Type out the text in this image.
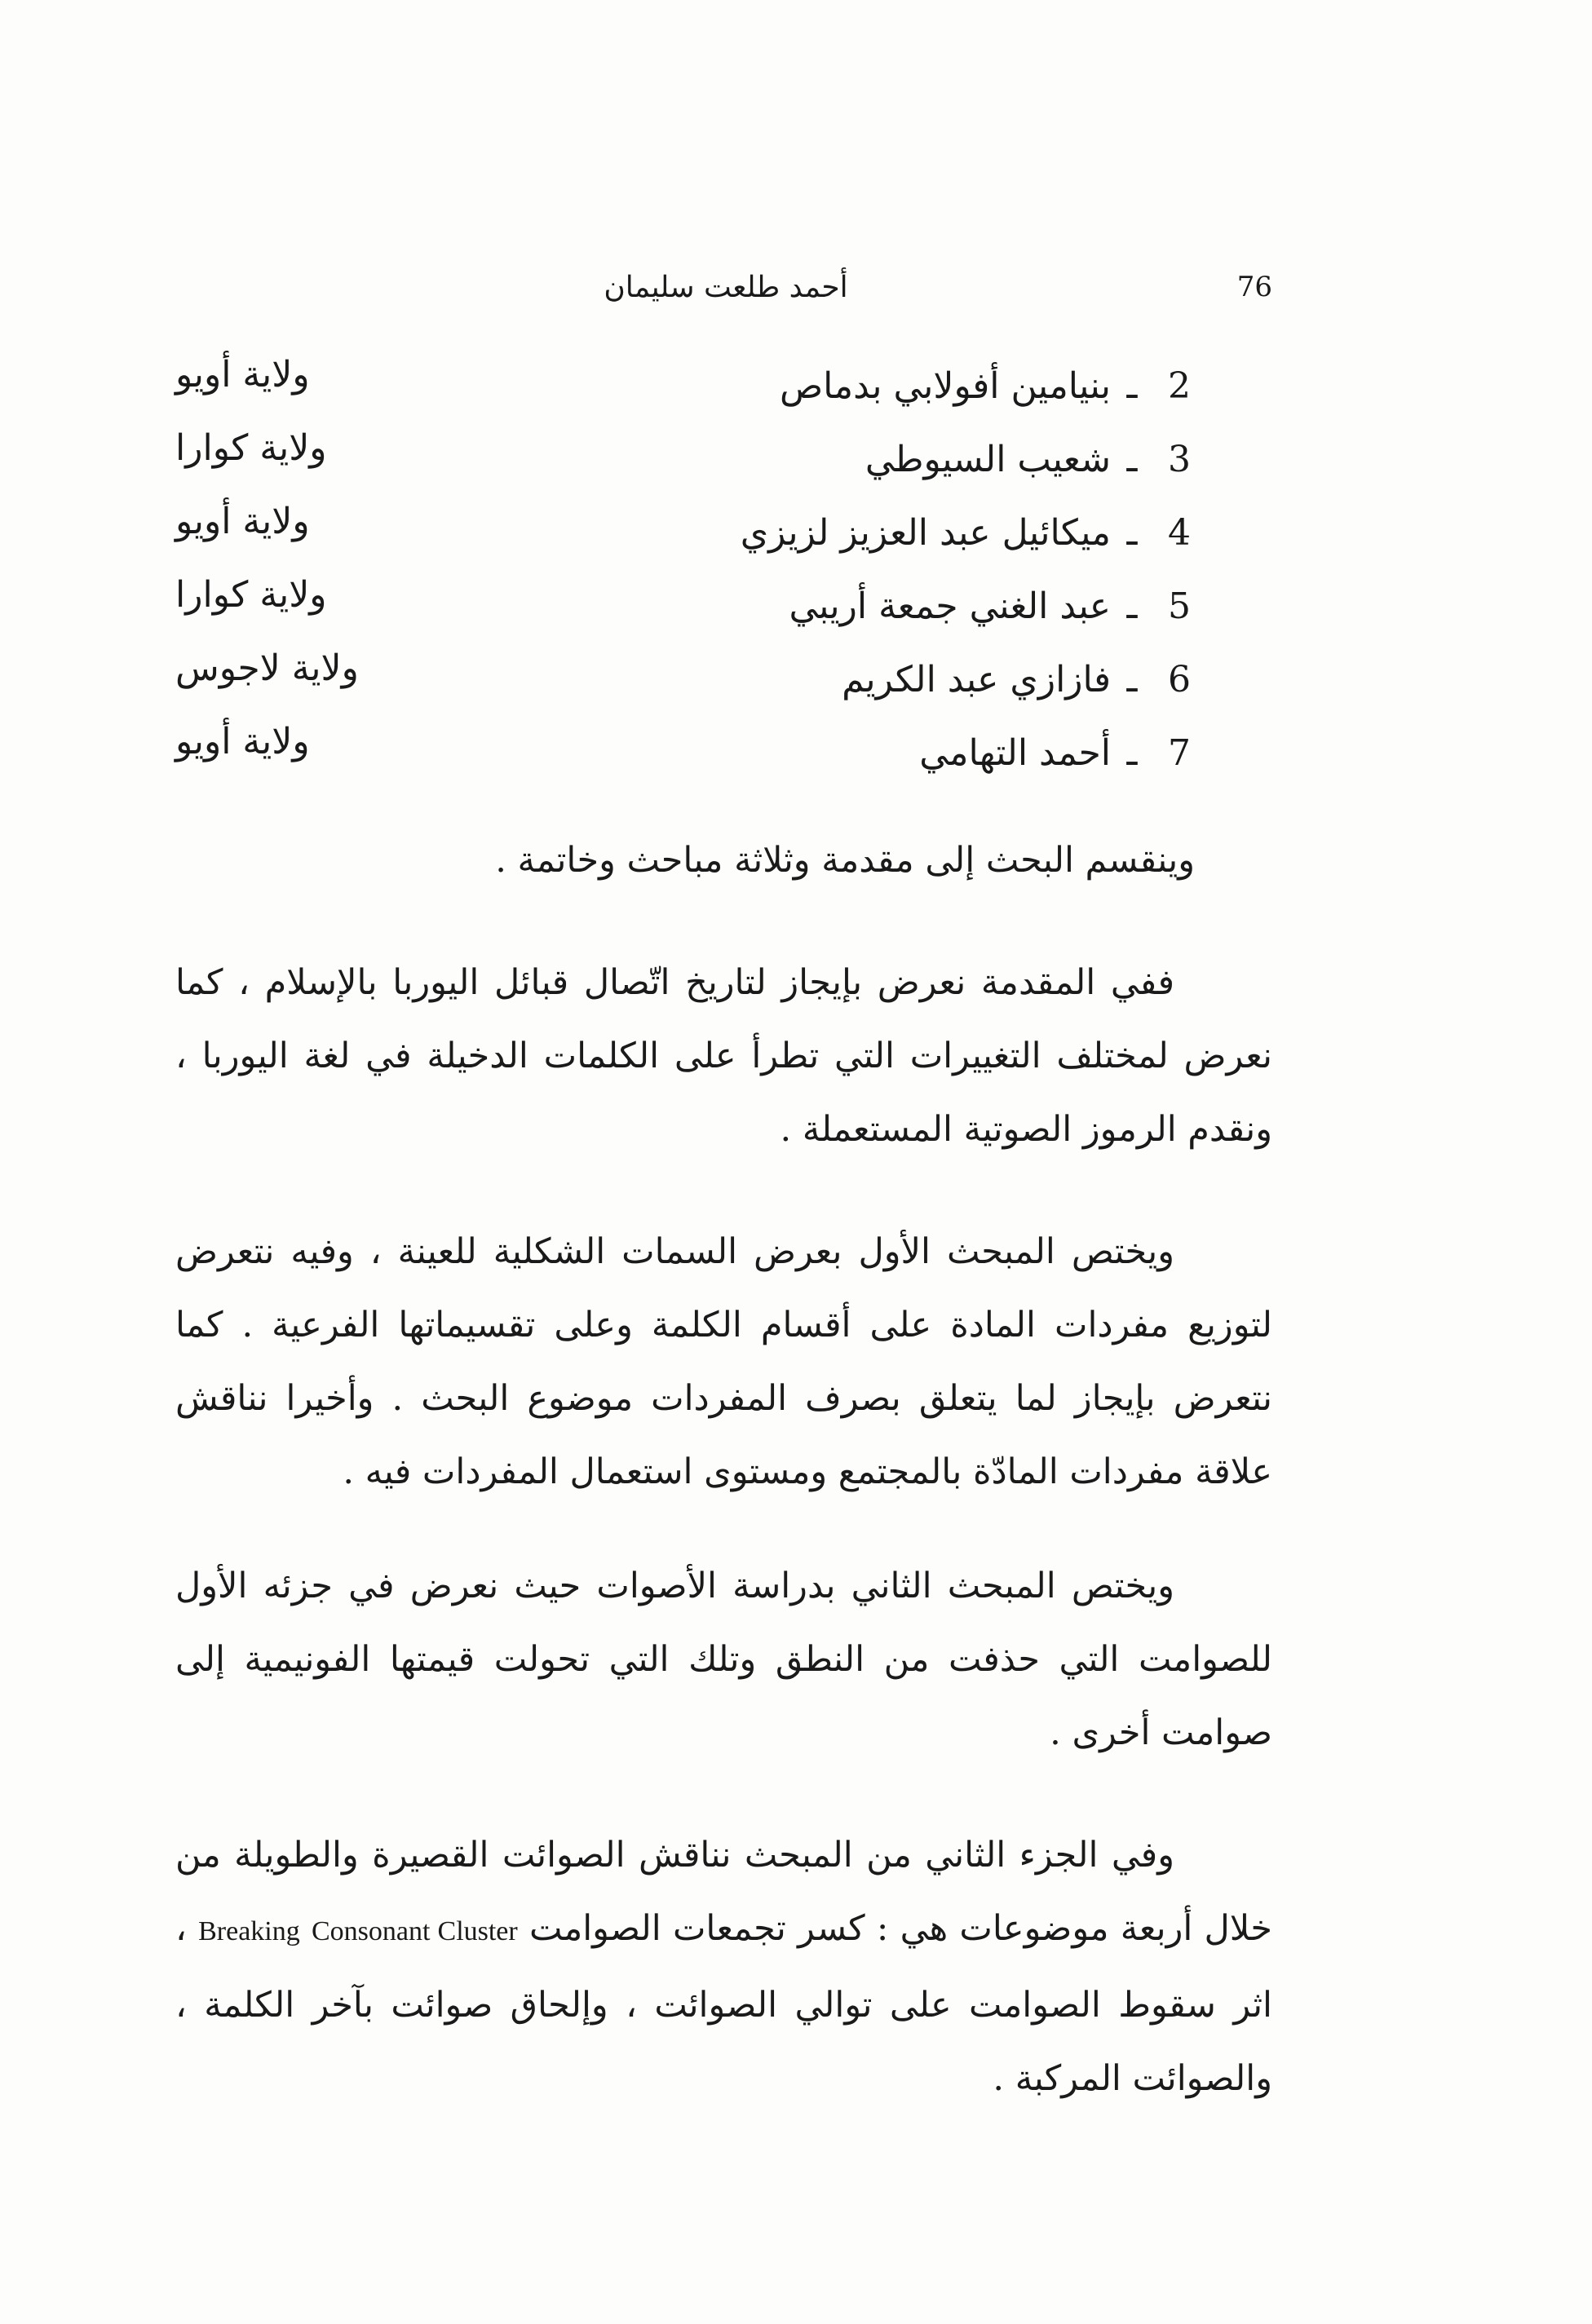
أحمد طلعت سليمان	76
2ـبنيامين أفولابي بدماص
ولاية أويو
3ـشعيب السيوطي
ولاية كوارا
4ـميكائيل عبد العزيز لزيزي
ولاية أويو
5ـعبد الغني جمعة أريبي
ولاية كوارا
6ـفازازي عبد الكريم
ولاية لاجوس
7ـأحمد التهامي
ولاية أويو

وينقسم البحث إلى مقدمة وثلاثة مباحث وخاتمة .

ففي المقدمة نعرض بإيجاز لتاريخ اتّصال قبائل اليوربا بالإسلام ، كما نعرض لمختلف التغييرات التي تطرأ على الكلمات الدخيلة في لغة اليوربا ، ونقدم الرموز الصوتية المستعملة .

ويختص المبحث الأول بعرض السمات الشكلية للعينة ، وفيه نتعرض لتوزيع مفردات المادة على أقسام الكلمة وعلى تقسيماتها الفرعية . كما نتعرض بإيجاز لما يتعلق بصرف المفردات موضوع البحث . وأخيرا نناقش علاقة مفردات المادّة بالمجتمع ومستوى استعمال المفردات فيه .

ويختص المبحث الثاني بدراسة الأصوات حيث نعرض في جزئه الأول للصوامت التي حذفت من النطق وتلك التي تحولت قيمتها الفونيمية إلى صوامت أخرى .

وفي الجزء الثاني من المبحث نناقش الصوائت القصيرة والطويلة من خلال أربعة موضوعات هي : كسر تجمعات الصوامت Consonant Cluster Breaking ، اثر سقوط الصوامت على توالي الصوائت ، وإلحاق صوائت بآخر الكلمة ، والصوائت المركبة .
